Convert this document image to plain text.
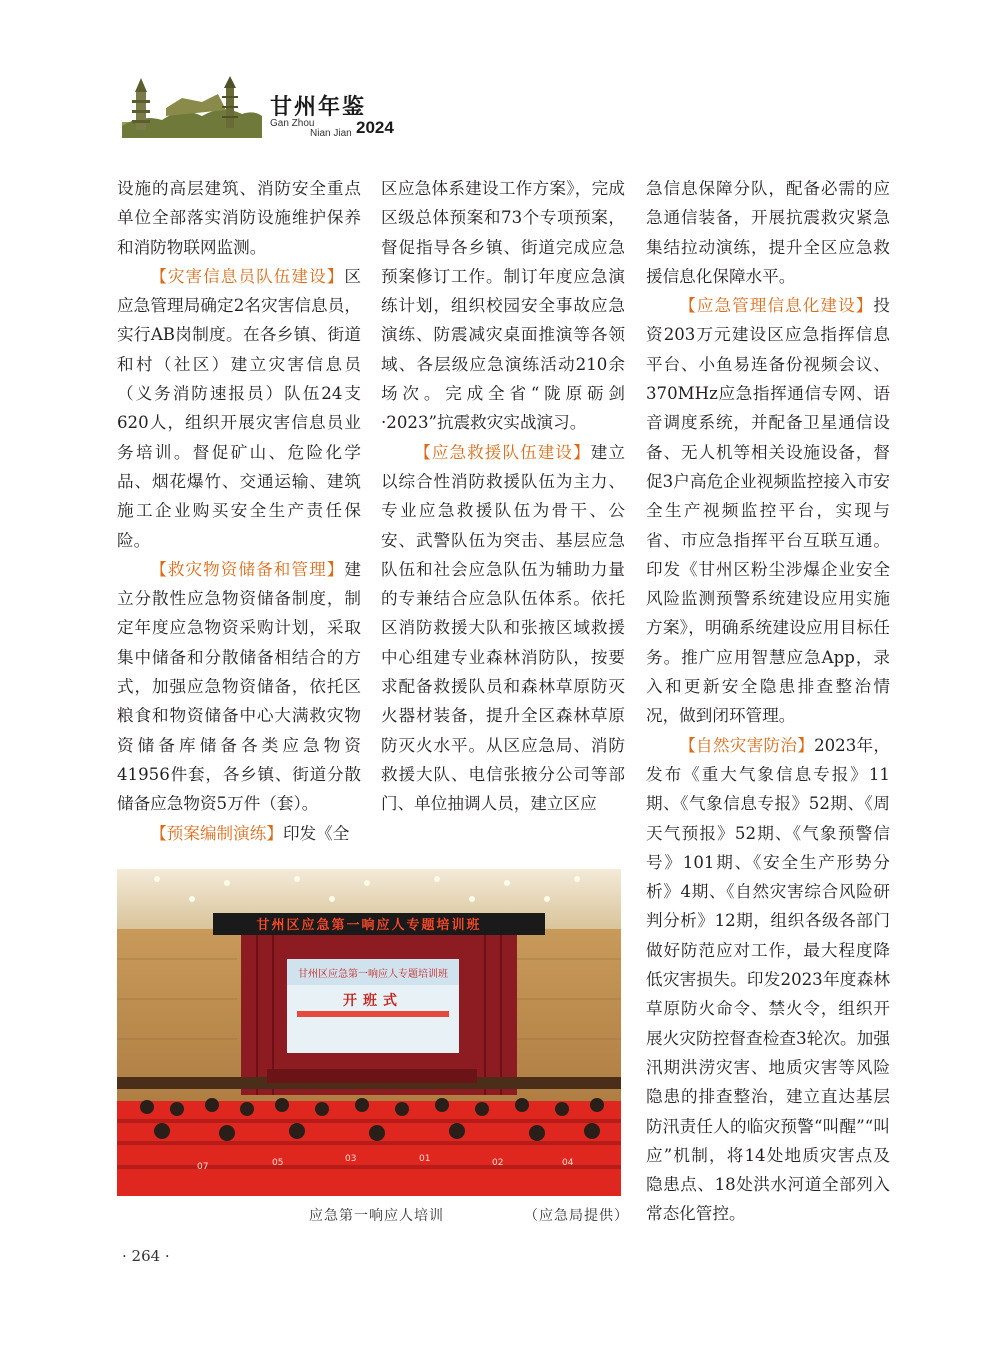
甘州年鉴
Gan Zhou
Nian Jian 2024

设施的高层建筑、消防安全重点单位全部落实消防设施维护保养和消防物联网监测。

【灾害信息员队伍建设】区应急管理局确定2名灾害信息员，实行AB岗制度。在各乡镇、街道和村（社区）建立灾害信息员（义务消防速报员）队伍24支620人，组织开展灾害信息员业务培训。督促矿山、危险化学品、烟花爆竹、交通运输、建筑施工企业购买安全生产责任保险。

【救灾物资储备和管理】建立分散性应急物资储备制度，制定年度应急物资采购计划，采取集中储备和分散储备相结合的方式，加强应急物资储备，依托区粮食和物资储备中心大满救灾物资储备库储备各类应急物资41956件套，各乡镇、街道分散储备应急物资5万件（套）。

【预案编制演练】印发《全

区应急体系建设工作方案》，完成区级总体预案和73个专项预案，督促指导各乡镇、街道完成应急预案修订工作。制订年度应急演练计划，组织校园安全事故应急演练、防震减灾桌面推演等各领域、各层级应急演练活动210余场次。完成全省“陇原砺剑·2023”抗震救灾实战演习。

【应急救援队伍建设】建立以综合性消防救援队伍为主力、专业应急救援队伍为骨干、公安、武警队伍为突击、基层应急队伍和社会应急队伍为辅助力量的专兼结合应急队伍体系。依托区消防救援大队和张掖区域救援中心组建专业森林消防队，按要求配备救援队员和森林草原防灭火器材装备，提升全区森林草原防灭火水平。从区应急局、消防救援大队、电信张掖分公司等部门、单位抽调人员，建立区应

急信息保障分队，配备必需的应急通信装备，开展抗震救灾紧急集结拉动演练，提升全区应急救援信息化保障水平。

【应急管理信息化建设】投资203万元建设区应急指挥信息平台、小鱼易连备份视频会议、370MHz应急指挥通信专网、语音调度系统，并配备卫星通信设备、无人机等相关设施设备，督促3户高危企业视频监控接入市安全生产视频监控平台，实现与省、市应急指挥平台互联互通。印发《甘州区粉尘涉爆企业安全风险监测预警系统建设应用实施方案》，明确系统建设应用目标任务。推广应用智慧应急App，录入和更新安全隐患排查整治情况，做到闭环管理。

【自然灾害防治】2023年，发布《重大气象信息专报》11期、《气象信息专报》52期、《周天气预报》52期、《气象预警信号》101期、《安全生产形势分析》4期、《自然灾害综合风险研判分析》12期，组织各级各部门做好防范应对工作，最大程度降低灾害损失。印发2023年度森林草原防火命令、禁火令，组织开展火灾防控督查检查3轮次。加强汛期洪涝灾害、地质灾害等风险隐患的排查整治，建立直达基层防汛责任人的临灾预警“叫醒”“叫应”机制，将14处地质灾害点及隐患点、18处洪水河道全部列入常态化管控。

甘州区应急第一响应人专题培训班
甘州区应急第一响应人专题培训班
开班式
03	01	02	04
05
07
应急第一响应人培训	（应急局提供）
· 264 ·
